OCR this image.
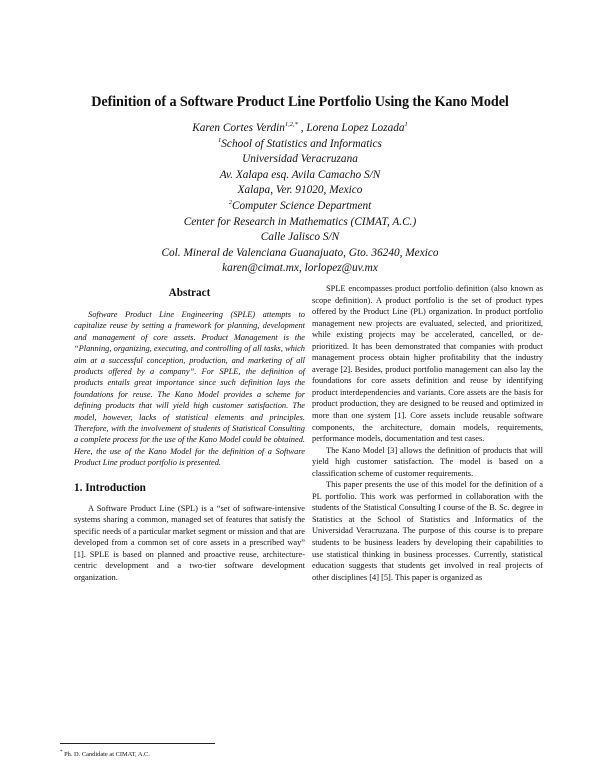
Definition of a Software Product Line Portfolio Using the Kano Model
Karen Cortes Verdin$^{1,2,*}$ , Lorena Lopez Lozada$^1$
$^1$School of Statistics and Informatics
Universidad Veracruzana
Av. Xalapa esq. Avila Camacho S/N
Xalapa, Ver. 91020, Mexico
$^2$Computer Science Department
Center for Research in Mathematics (CIMAT, A.C.)
Calle Jalisco S/N
Col. Mineral de Valenciana Guanajuato, Gto. 36240, Mexico
karen@cimat.mx, lorlopez@uv.mx
Abstract

Software Product Line Engineering (SPLE) attempts to capitalize reuse by setting a framework for planning, development and management of core assets. Product Management is the “Planning, organizing, executing, and controlling of all tasks, which aim at a successful conception, production, and marketing of all products offered by a company”. For SPLE, the definition of products entails great importance since such definition lays the foundations for reuse. The Kano Model provides a scheme for defining products that will yield high customer satisfaction. The model, however, lacks of statistical elements and principles. Therefore, with the involvement of students of Statistical Consulting a complete process for the use of the Kano Model could be obtained. Here, the use of the Kano Model for the definition of a Software Product Line product portfolio is presented.

1. Introduction

A Software Product Line (SPL) is a “set of software-intensive systems sharing a common, managed set of features that satisfy the specific needs of a particular market segment or mission and that are developed from a common set of core assets in a prescribed way” [1]. SPLE is based on planned and proactive reuse, architecture-centric development and a two-tier software development organization.

SPLE encompasses product portfolio definition (also known as scope definition). A product portfolio is the set of product types offered by the Product Line (PL) organization. In product portfolio management new projects are evaluated, selected, and prioritized, while existing projects may be accelerated, cancelled, or de-prioritized. It has been demonstrated that companies with product management process obtain higher profitability that the industry average [2]. Besides, product portfolio management can also lay the foundations for core assets definition and reuse by identifying product interdependencies and variants. Core assets are the basis for product production, they are designed to be reused and optimized in more than one system [1]. Core assets include reusable software components, the architecture, domain models, requirements, performance models, documentation and test cases.

The Kano Model [3] allows the definition of products that will yield high customer satisfaction. The model is based on a classification scheme of customer requirements.

This paper presents the use of this model for the definition of a PL portfolio. This work was performed in collaboration with the students of the Statistical Consulting I course of the B. Sc. degree in Statistics at the School of Statistics and Informatics of the Universidad Veracruzana. The purpose of this course is to prepare students to be business leaders by developing their capabilities to use statistical thinking in business processes. Currently, statistical education suggests that students get involved in real projects of other disciplines [4] [5]. This paper is organized as

* Ph. D. Candidate at CIMAT, A.C.
